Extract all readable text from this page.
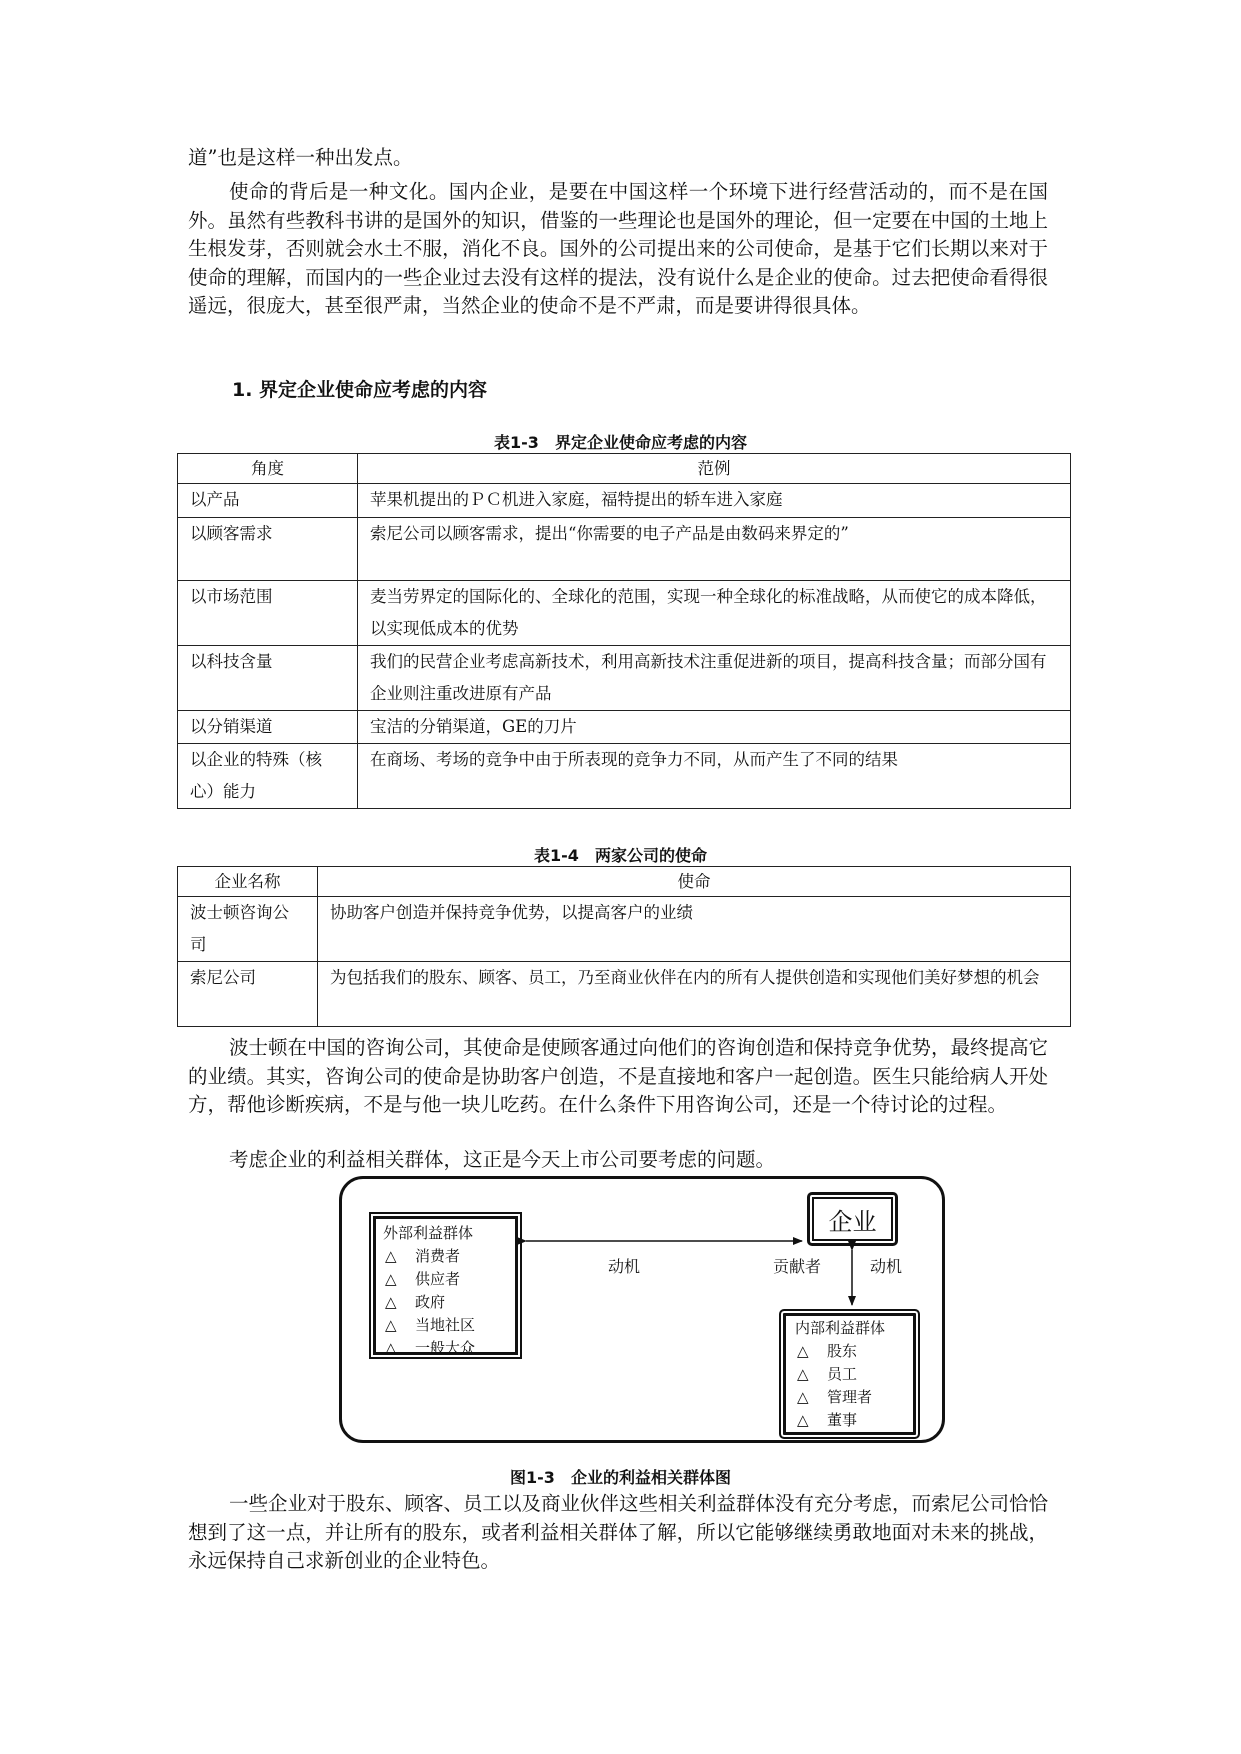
道”也是这样一种出发点。

使命的背后是一种文化。国内企业，是要在中国这样一个环境下进行经营活动的，而不是在国外。虽然有些教科书讲的是国外的知识，借鉴的一些理论也是国外的理论，但一定要在中国的土地上生根发芽，否则就会水土不服，消化不良。国外的公司提出来的公司使命，是基于它们长期以来对于使命的理解，而国内的一些企业过去没有这样的提法，没有说什么是企业的使命。过去把使命看得很遥远，很庞大，甚至很严肃，当然企业的使命不是不严肃，而是要讲得很具体。

1. 界定企业使命应考虑的内容

表1-3　界定企业使命应考虑的内容

角度	范例
以产品	苹果机提出的ＰＣ机进入家庭，福特提出的轿车进入家庭
以顾客需求	索尼公司以顾客需求，提出“你需要的电子产品是由数码来界定的”
以市场范围	麦当劳界定的国际化的、全球化的范围，实现一种全球化的标准战略，从而使它的成本降低，以实现低成本的优势
以科技含量	我们的民营企业考虑高新技术，利用高新技术注重促进新的项目，提高科技含量；而部分国有企业则注重改进原有产品
以分销渠道	宝洁的分销渠道，GE的刀片
以企业的特殊（核心）能力	在商场、考场的竞争中由于所表现的竞争力不同，从而产生了不同的结果

表1-4　两家公司的使命

企业名称	使命
波士顿咨询公司	协助客户创造并保持竞争优势，以提高客户的业绩
索尼公司	为包括我们的股东、顾客、员工，乃至商业伙伴在内的所有人提供创造和实现他们美好梦想的机会

波士顿在中国的咨询公司，其使命是使顾客通过向他们的咨询创造和保持竞争优势，最终提高它的业绩。其实，咨询公司的使命是协助客户创造，不是直接地和客户一起创造。医生只能给病人开处方，帮他诊断疾病，不是与他一块儿吃药。在什么条件下用咨询公司，还是一个待讨论的过程。

考虑企业的利益相关群体，这正是今天上市公司要考虑的问题。

外部利益群体

△ 消费者

△ 供应者

△ 政府

△ 当地社区

△ 一般大众

企业

内部利益群体

△ 股东

△ 员工

△ 管理者

△ 董事

动机	贡献者	动机

图1-3　企业的利益相关群体图

一些企业对于股东、顾客、员工以及商业伙伴这些相关利益群体没有充分考虑，而索尼公司恰恰想到了这一点，并让所有的股东，或者利益相关群体了解，所以它能够继续勇敢地面对未来的挑战，永远保持自己求新创业的企业特色。
